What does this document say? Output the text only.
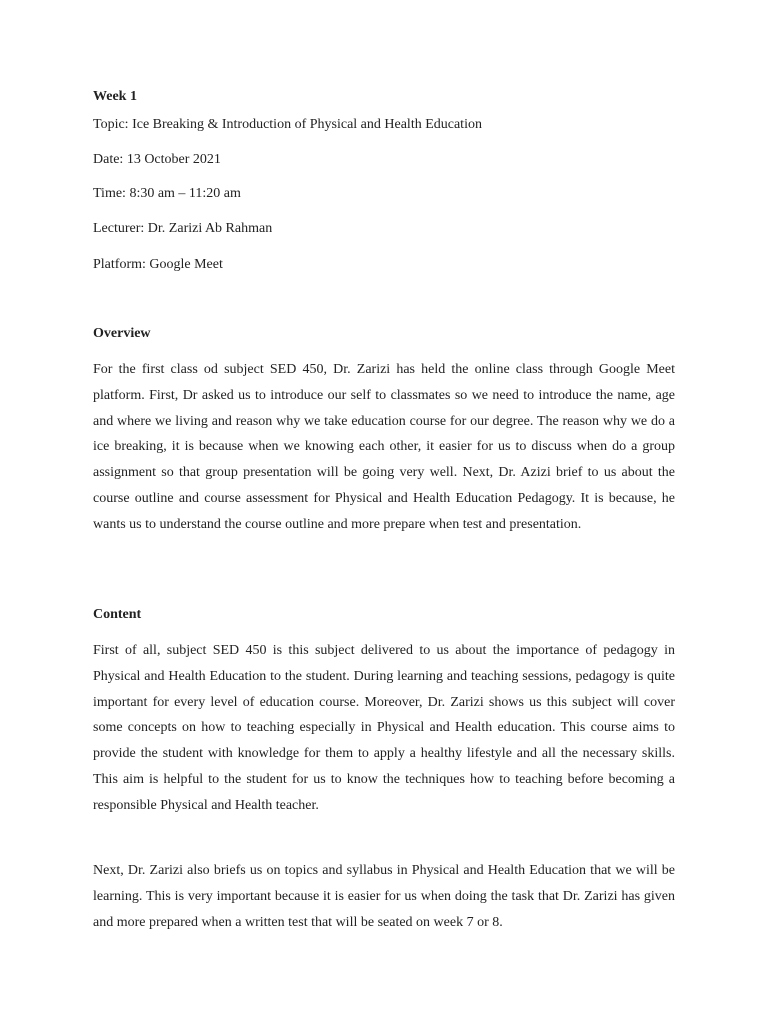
Week 1
Topic: Ice Breaking & Introduction of Physical and Health Education
Date: 13 October 2021
Time: 8:30 am – 11:20 am
Lecturer: Dr. Zarizi Ab Rahman
Platform: Google Meet
Overview

For the first class od subject SED 450, Dr. Zarizi has held the online class through Google Meet platform. First, Dr asked us to introduce our self to classmates so we need to introduce the name, age and where we living and reason why we take education course for our degree. The reason why we do a ice breaking, it is because when we knowing each other, it easier for us to discuss when do a group assignment so that group presentation will be going very well. Next, Dr. Azizi brief to us about the course outline and course assessment for Physical and Health Education Pedagogy. It is because, he wants us to understand the course outline and more prepare when test and presentation.

Content

First of all, subject SED 450 is this subject delivered to us about the importance of pedagogy in Physical and Health Education to the student. During learning and teaching sessions, pedagogy is quite important for every level of education course. Moreover, Dr. Zarizi shows us this subject will cover some concepts on how to teaching especially in Physical and Health education. This course aims to provide the student with knowledge for them to apply a healthy lifestyle and all the necessary skills. This aim is helpful to the student for us to know the techniques how to teaching before becoming a responsible Physical and Health teacher.

Next, Dr. Zarizi also briefs us on topics and syllabus in Physical and Health Education that we will be learning. This is very important because it is easier for us when doing the task that Dr. Zarizi has given and more prepared when a written test that will be seated on week 7 or 8.
